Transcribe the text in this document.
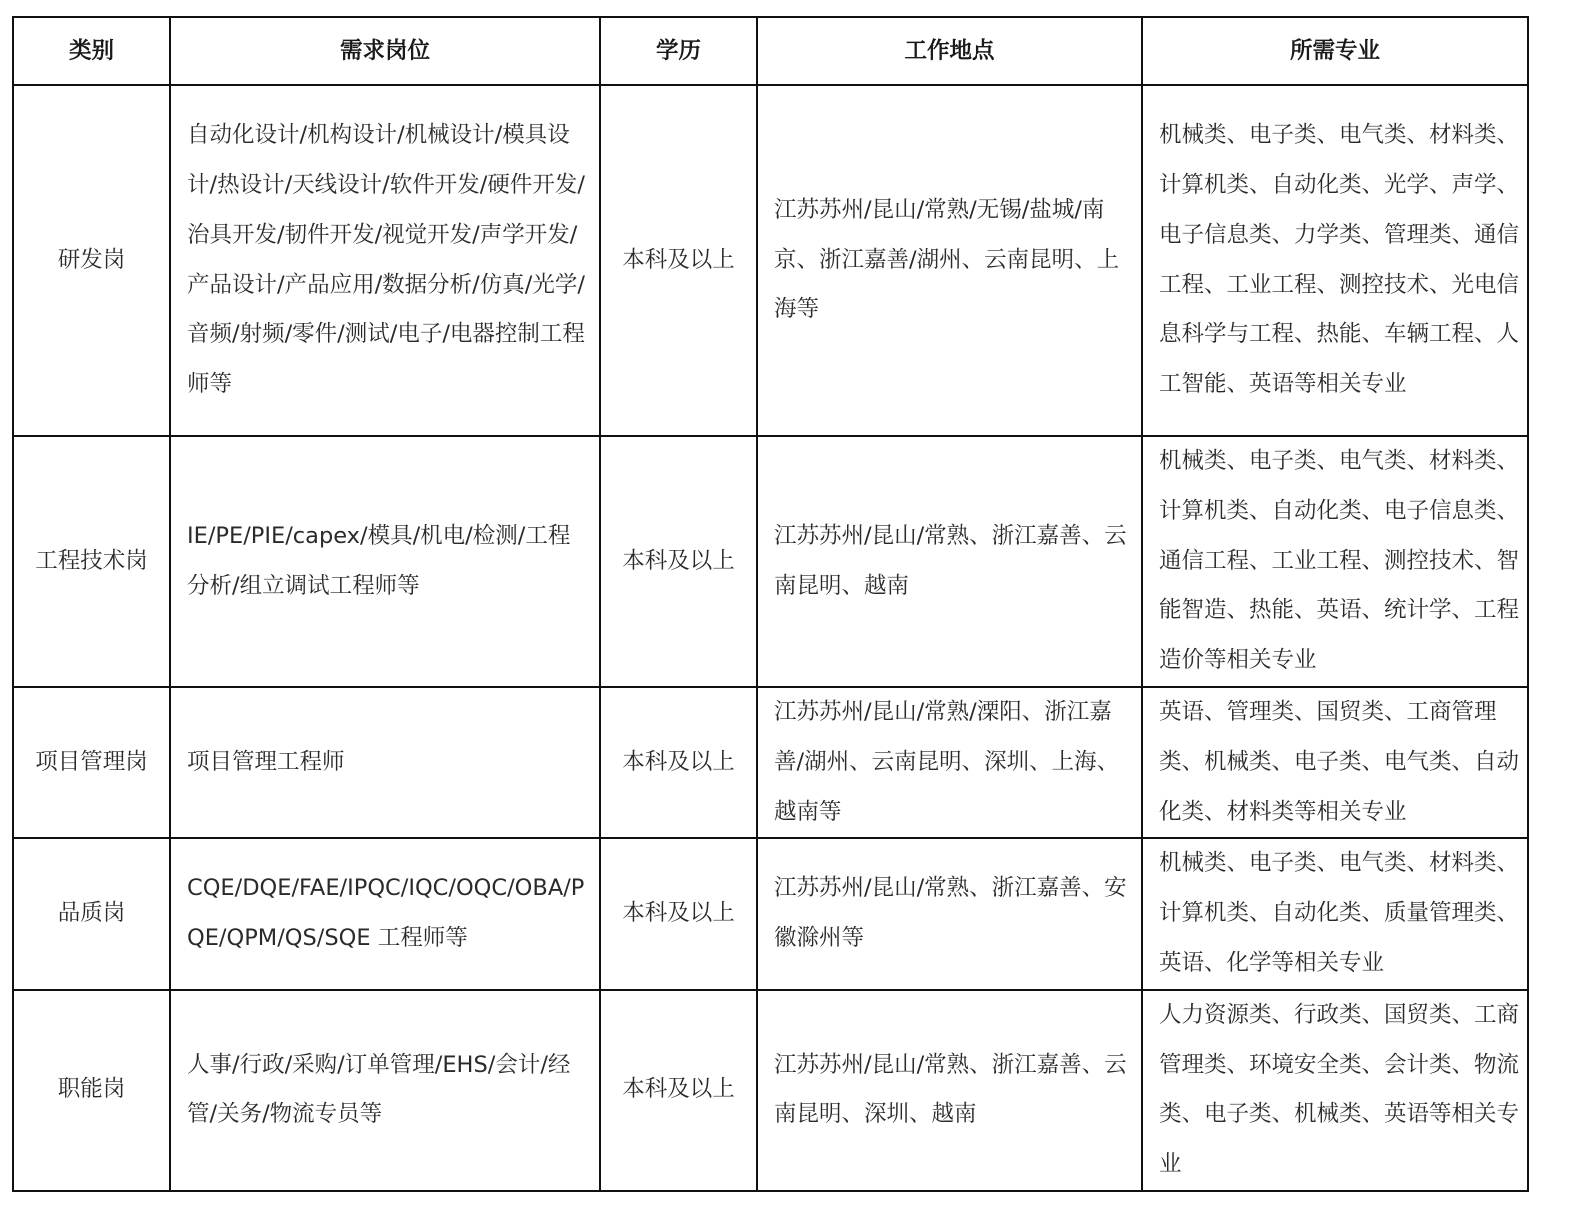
类别	需求岗位	学历	工作地点	所需专业
研发岗	自动化设计/机构设计/机械设计/模具设计/热设计/天线设计/软件开发/硬件开发/治具开发/韧件开发/视觉开发/声学开发/产品设计/产品应用/数据分析/仿真/光学/音频/射频/零件/测试/电子/电器控制工程师等	本科及以上	江苏苏州/昆山/常熟/无锡/盐城/南京、浙江嘉善/湖州、云南昆明、上海等	机械类、电子类、电气类、材料类、计算机类、自动化类、光学、声学、电子信息类、力学类、管理类、通信工程、工业工程、测控技术、光电信息科学与工程、热能、车辆工程、人工智能、英语等相关专业
工程技术岗	IE/PE/PIE/capex/模具/机电/检测/工程分析/组立调试工程师等	本科及以上	江苏苏州/昆山/常熟、浙江嘉善、云南昆明、越南	机械类、电子类、电气类、材料类、计算机类、自动化类、电子信息类、通信工程、工业工程、测控技术、智能智造、热能、英语、统计学、工程造价等相关专业
项目管理岗	项目管理工程师	本科及以上	江苏苏州/昆山/常熟/溧阳、浙江嘉善/湖州、云南昆明、深圳、上海、越南等	英语、管理类、国贸类、工商管理类、机械类、电子类、电气类、自动化类、材料类等相关专业
品质岗	CQE/DQE/FAE/IPQC/IQC/OQC/OBA/PQE/QPM/QS/SQE 工程师等	本科及以上	江苏苏州/昆山/常熟、浙江嘉善、安徽滁州等	机械类、电子类、电气类、材料类、计算机类、自动化类、质量管理类、英语、化学等相关专业
职能岗	人事/行政/采购/订单管理/EHS/会计/经管/关务/物流专员等	本科及以上	江苏苏州/昆山/常熟、浙江嘉善、云南昆明、深圳、越南	人力资源类、行政类、国贸类、工商管理类、环境安全类、会计类、物流类、电子类、机械类、英语等相关专业
